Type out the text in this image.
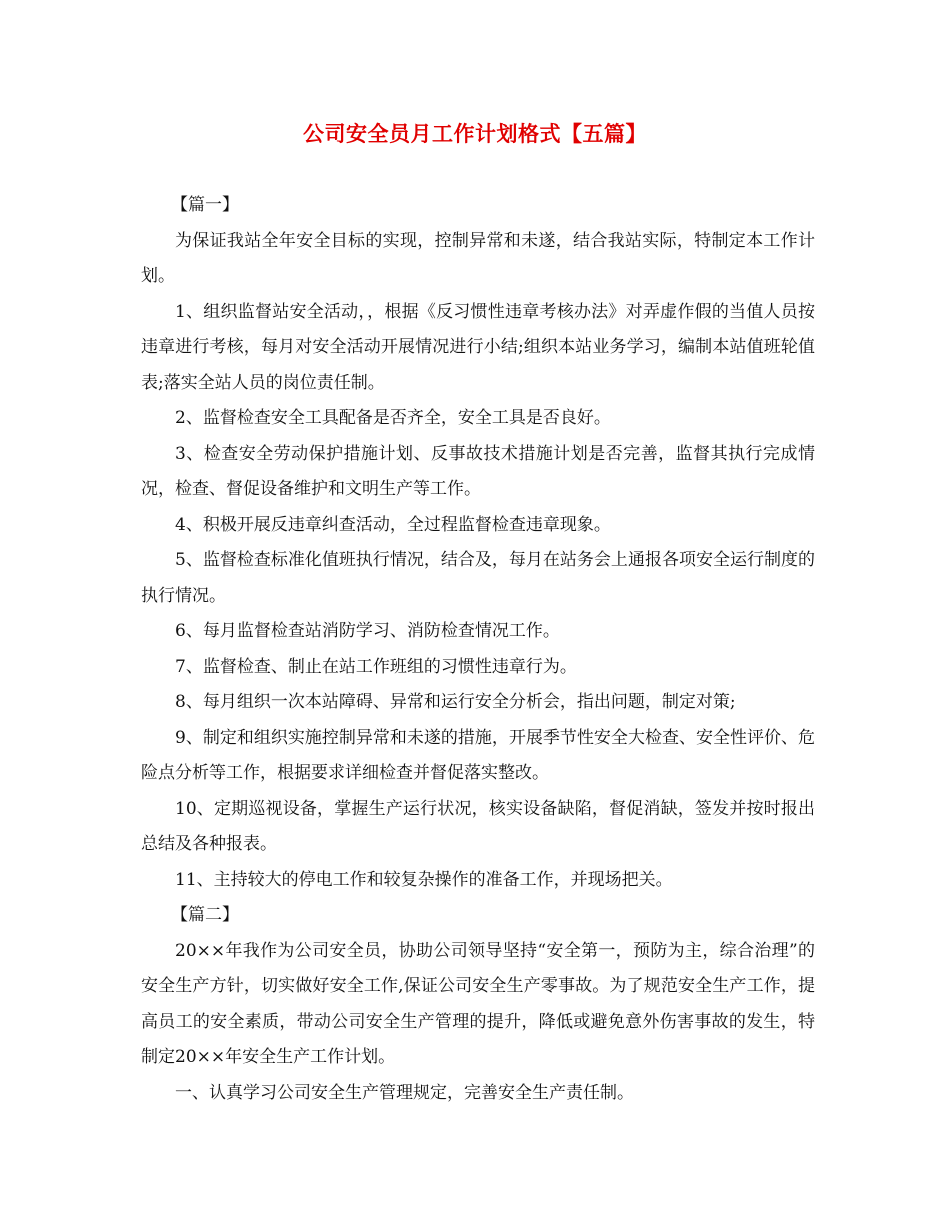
公司安全员月工作计划格式【五篇】

【篇一】

为保证我站全年安全目标的实现，控制异常和未遂，结合我站实际，特制定本工作计划。

1、组织监督站安全活动，，根据《反习惯性违章考核办法》对弄虚作假的当值人员按违章进行考核，每月对安全活动开展情况进行小结;组织本站业务学习，编制本站值班轮值表;落实全站人员的岗位责任制。

2、监督检查安全工具配备是否齐全，安全工具是否良好。

3、检查安全劳动保护措施计划、反事故技术措施计划是否完善，监督其执行完成情况，检查、督促设备维护和文明生产等工作。

4、积极开展反违章纠查活动，全过程监督检查违章现象。

5、监督检查标准化值班执行情况，结合及，每月在站务会上通报各项安全运行制度的执行情况。

6、每月监督检查站消防学习、消防检查情况工作。

7、监督检查、制止在站工作班组的习惯性违章行为。

8、每月组织一次本站障碍、异常和运行安全分析会，指出问题，制定对策;

9、制定和组织实施控制异常和未遂的措施，开展季节性安全大检查、安全性评价、危险点分析等工作，根据要求详细检查并督促落实整改。

10、定期巡视设备，掌握生产运行状况，核实设备缺陷，督促消缺，签发并按时报出总结及各种报表。

11、主持较大的停电工作和较复杂操作的准备工作，并现场把关。

【篇二】

20××年我作为公司安全员，协助公司领导坚持“安全第一，预防为主，综合治理”的安全生产方针，切实做好安全工作,保证公司安全生产零事故。为了规范安全生产工作，提高员工的安全素质，带动公司安全生产管理的提升，降低或避免意外伤害事故的发生，特制定20××年安全生产工作计划。

一、认真学习公司安全生产管理规定，完善安全生产责任制。
